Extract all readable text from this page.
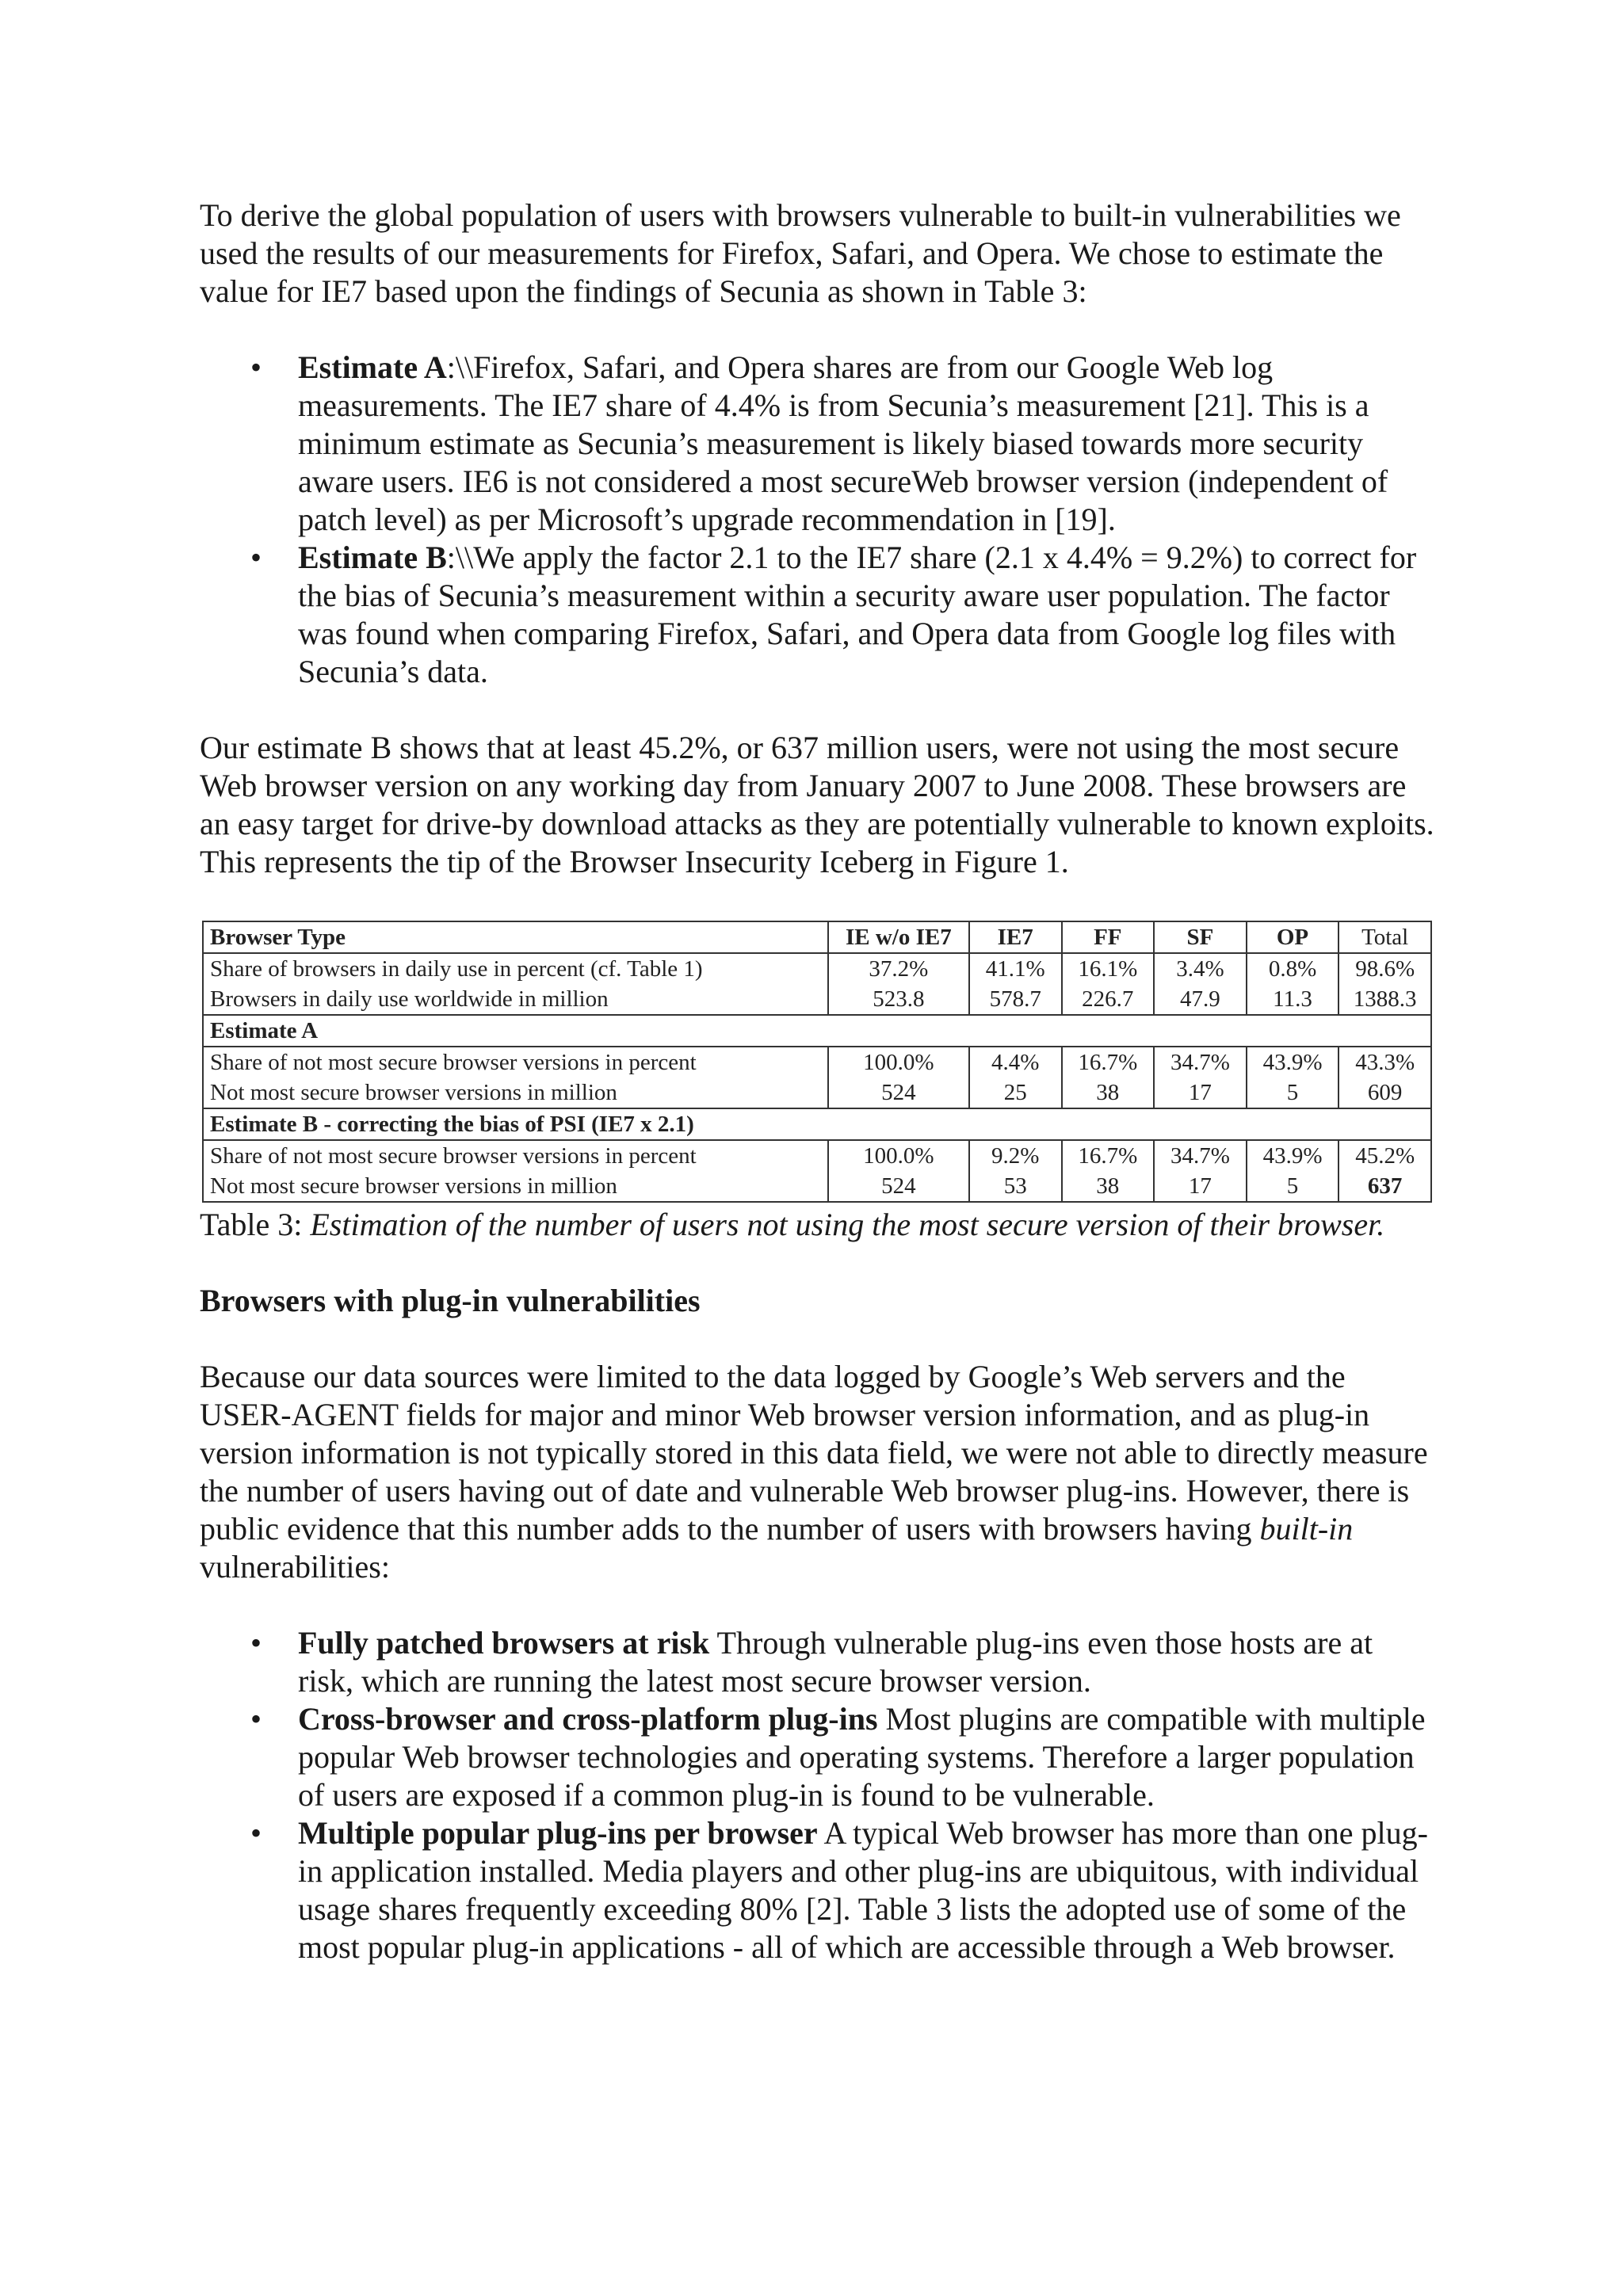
To derive the global population of users with browsers vulnerable to built-in vulnerabilities we used the results of our measurements for Firefox, Safari, and Opera. We chose to estimate the value for IE7 based upon the findings of Secunia as shown in Table 3:

• Estimate A:\\Firefox, Safari, and Opera shares are from our Google Web log measurements. The IE7 share of 4.4% is from Secunia’s measurement [21]. This is a minimum estimate as Secunia’s measurement is likely biased towards more security aware users. IE6 is not considered a most secureWeb browser version (independent of patch level) as per Microsoft’s upgrade recommendation in [19].
• Estimate B:\\We apply the factor 2.1 to the IE7 share (2.1 x 4.4% = 9.2%) to correct for the bias of Secunia’s measurement within a security aware user population. The factor was found when comparing Firefox, Safari, and Opera data from Google log files with Secunia’s data.

Our estimate B shows that at least 45.2%, or 637 million users, were not using the most secure Web browser version on any working day from January 2007 to June 2008. These browsers are an easy target for drive-by download attacks as they are potentially vulnerable to known exploits. This represents the tip of the Browser Insecurity Iceberg in Figure 1.

Browser Type	IE w/o IE7	IE7	FF	SF	OP	Total
Share of browsers in daily use in percent (cf. Table 1)	37.2%	41.1%	16.1%	3.4%	0.8%	98.6%
Browsers in daily use worldwide in million	523.8	578.7	226.7	47.9	11.3	1388.3
Estimate A						
Share of not most secure browser versions in percent	100.0%	4.4%	16.7%	34.7%	43.9%	43.3%
Not most secure browser versions in million	524	25	38	17	5	609
Estimate B - correcting the bias of PSI (IE7 x 2.1)						
Share of not most secure browser versions in percent	100.0%	9.2%	16.7%	34.7%	43.9%	45.2%
Not most secure browser versions in million	524	53	38	17	5	637

Table 3: Estimation of the number of users not using the most secure version of their browser.

Browsers with plug-in vulnerabilities

Because our data sources were limited to the data logged by Google’s Web servers and the USER-AGENT fields for major and minor Web browser version information, and as plug-in version information is not typically stored in this data field, we were not able to directly measure the number of users having out of date and vulnerable Web browser plug-ins. However, there is public evidence that this number adds to the number of users with browsers having built-in vulnerabilities:

• Fully patched browsers at risk Through vulnerable plug-ins even those hosts are at risk, which are running the latest most secure browser version.
• Cross-browser and cross-platform plug-ins Most plugins are compatible with multiple popular Web browser technologies and operating systems. Therefore a larger population of users are exposed if a common plug-in is found to be vulnerable.
• Multiple popular plug-ins per browser A typical Web browser has more than one plug-in application installed. Media players and other plug-ins are ubiquitous, with individual usage shares frequently exceeding 80% [2]. Table 3 lists the adopted use of some of the most popular plug-in applications - all of which are accessible through a Web browser.
